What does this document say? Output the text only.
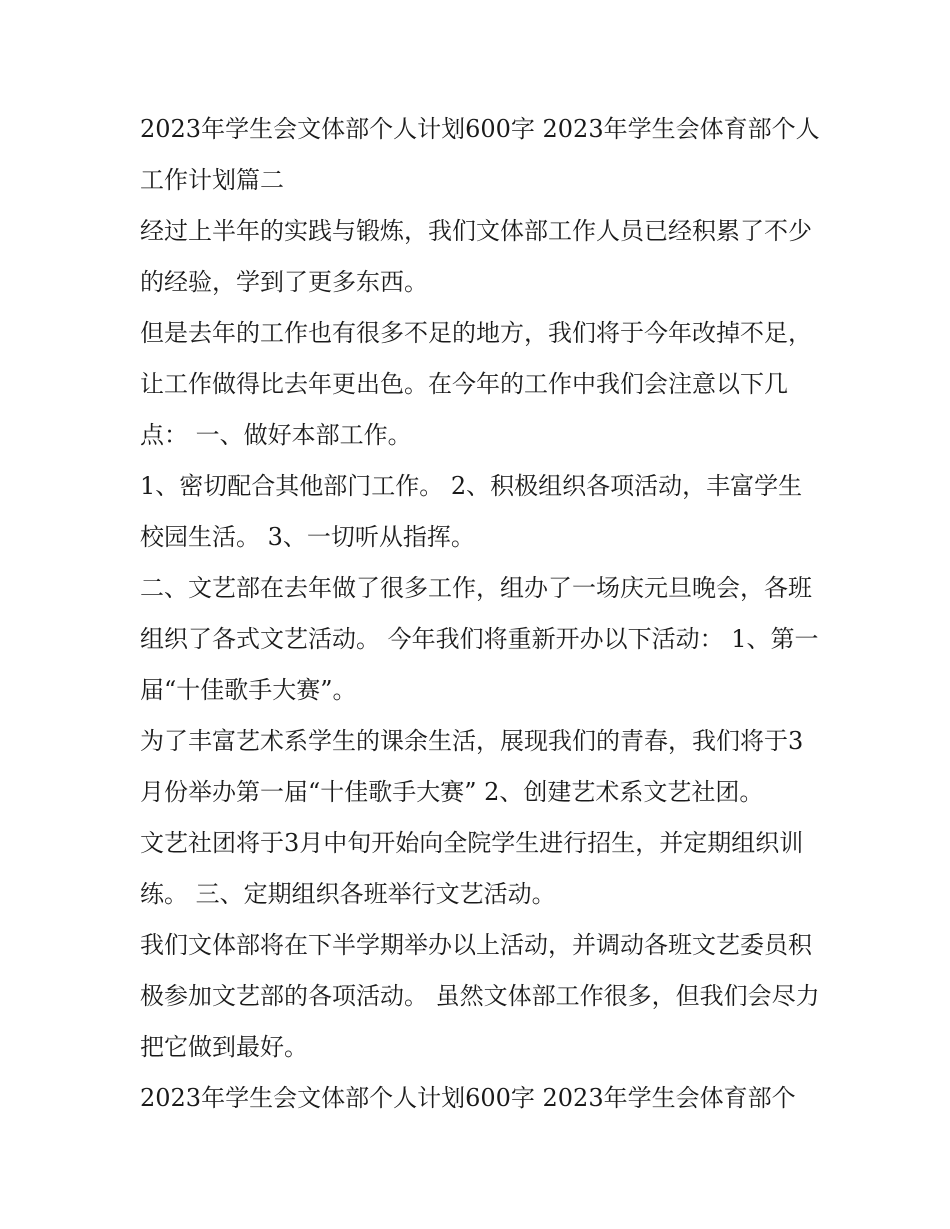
2023年学生会文体部个人计划600字 2023年学生会体育部个人工作计划篇二

经过上半年的实践与锻炼，我们文体部工作人员已经积累了不少的经验，学到了更多东西。

但是去年的工作也有很多不足的地方，我们将于今年改掉不足，让工作做得比去年更出色。在今年的工作中我们会注意以下几点： 一、做好本部工作。

1、密切配合其他部门工作。 2、积极组织各项活动，丰富学生校园生活。 3、一切听从指挥。

二、文艺部在去年做了很多工作，组办了一场庆元旦晚会，各班组织了各式文艺活动。 今年我们将重新开办以下活动： 1、第一届“十佳歌手大赛”。

为了丰富艺术系学生的课余生活，展现我们的青春，我们将于3月份举办第一届“十佳歌手大赛” 2、创建艺术系文艺社团。

文艺社团将于3月中旬开始向全院学生进行招生，并定期组织训练。 三、定期组织各班举行文艺活动。

我们文体部将在下半学期举办以上活动，并调动各班文艺委员积极参加文艺部的各项活动。 虽然文体部工作很多，但我们会尽力把它做到最好。

2023年学生会文体部个人计划600字 2023年学生会体育部个
